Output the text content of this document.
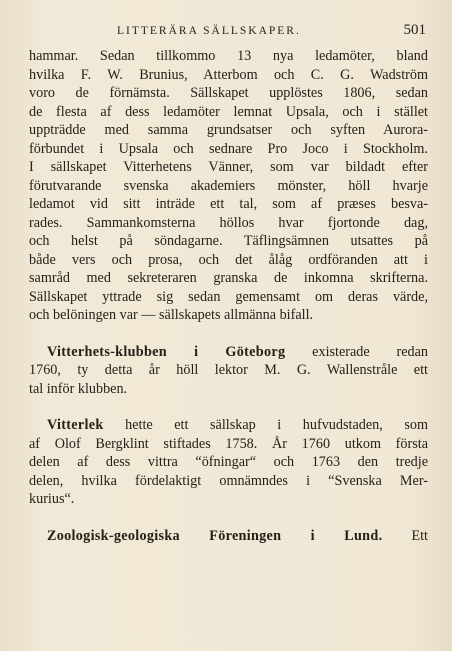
LITTERÄRA SÄLLSKAPER.	501
hammar. Sedan tillkommo 13 nya ledamöter, bland
hvilka F. W. Brunius, Atterbom och C. G. Wadström
voro de förnämsta. Sällskapet upplöstes 1806, sedan
de flesta af dess ledamöter lemnat Upsala, och i stället
uppträdde med samma grundsatser och syften Aurora-
förbundet i Upsala och sednare Pro Joco i Stockholm.
I sällskapet Vitterhetens Vänner, som var bildadt efter
förutvarande svenska akademiers mönster, höll hvarje
ledamot vid sitt inträde ett tal, som af præses besva-
rades. Sammankomsterna höllos hvar fjortonde dag,
och helst på söndagarne. Täflingsämnen utsattes på
både vers och prosa, och det ålåg ordföranden att i
samråd med sekreteraren granska de inkomna skrifterna.
Sällskapet yttrade sig sedan gemensamt om deras värde,
och belöningen var — sällskapets allmänna bifall.
Vitterhets-klubben i Göteborg existerade redan
1760, ty detta år höll lektor M. G. Wallenstråle ett
tal inför klubben.
Vitterlek hette ett sällskap i hufvudstaden, som
af Olof Bergklint stiftades 1758. År 1760 utkom första
delen af dess vittra “öfningar“ och 1763 den tredje
delen, hvilka fördelaktigt omnämndes i “Svenska Mer-
kurius“.
Zoologisk-geologiska Föreningen i Lund. Ett
